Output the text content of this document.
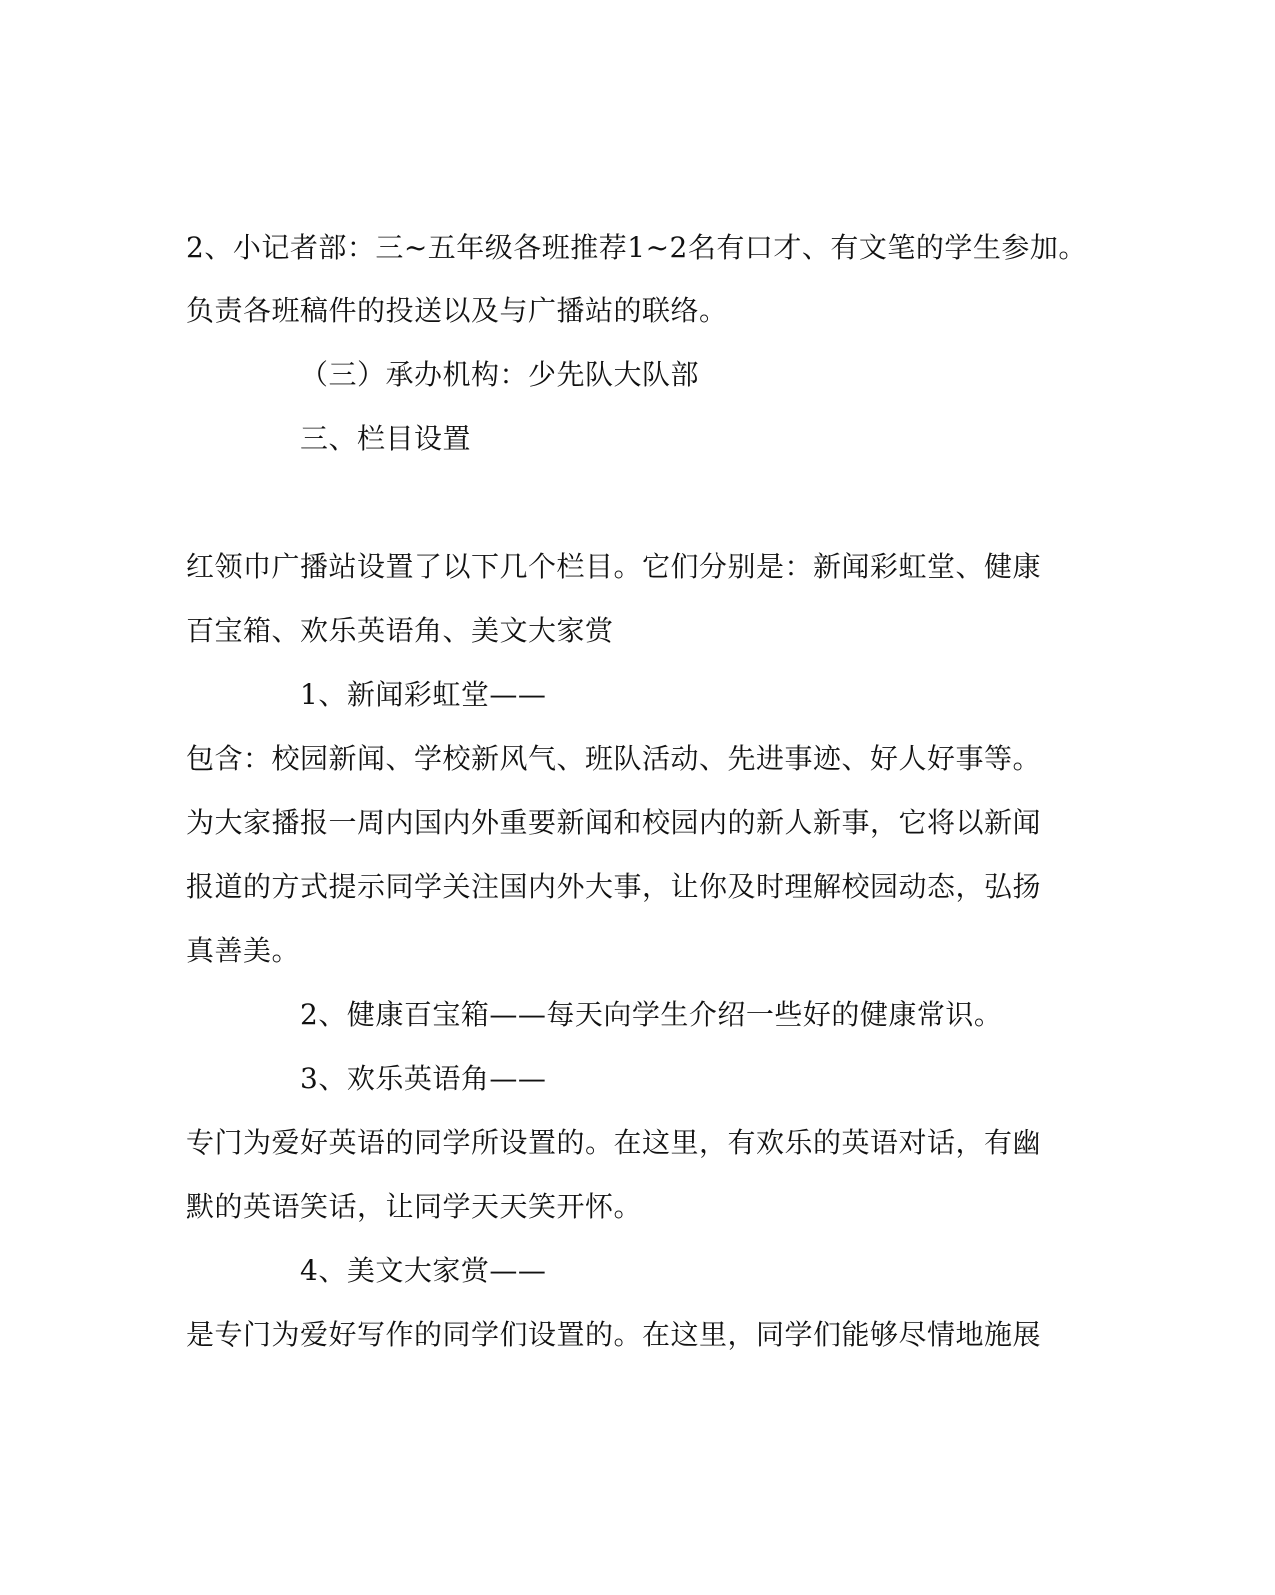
2、小记者部：三~五年级各班推荐1~2名有口才、有文笔的学生参加。
负责各班稿件的投送以及与广播站的联络。
（三）承办机构：少先队大队部
三、栏目设置
红领巾广播站设置了以下几个栏目。它们分别是：新闻彩虹堂、健康
百宝箱、欢乐英语角、美文大家赏
1、新闻彩虹堂——
包含：校园新闻、学校新风气、班队活动、先进事迹、好人好事等。
为大家播报一周内国内外重要新闻和校园内的新人新事，它将以新闻
报道的方式提示同学关注国内外大事，让你及时理解校园动态，弘扬
真善美。
2、健康百宝箱——每天向学生介绍一些好的健康常识。
3、欢乐英语角——
专门为爱好英语的同学所设置的。在这里，有欢乐的英语对话，有幽
默的英语笑话，让同学天天笑开怀。
4、美文大家赏——
是专门为爱好写作的同学们设置的。在这里，同学们能够尽情地施展
